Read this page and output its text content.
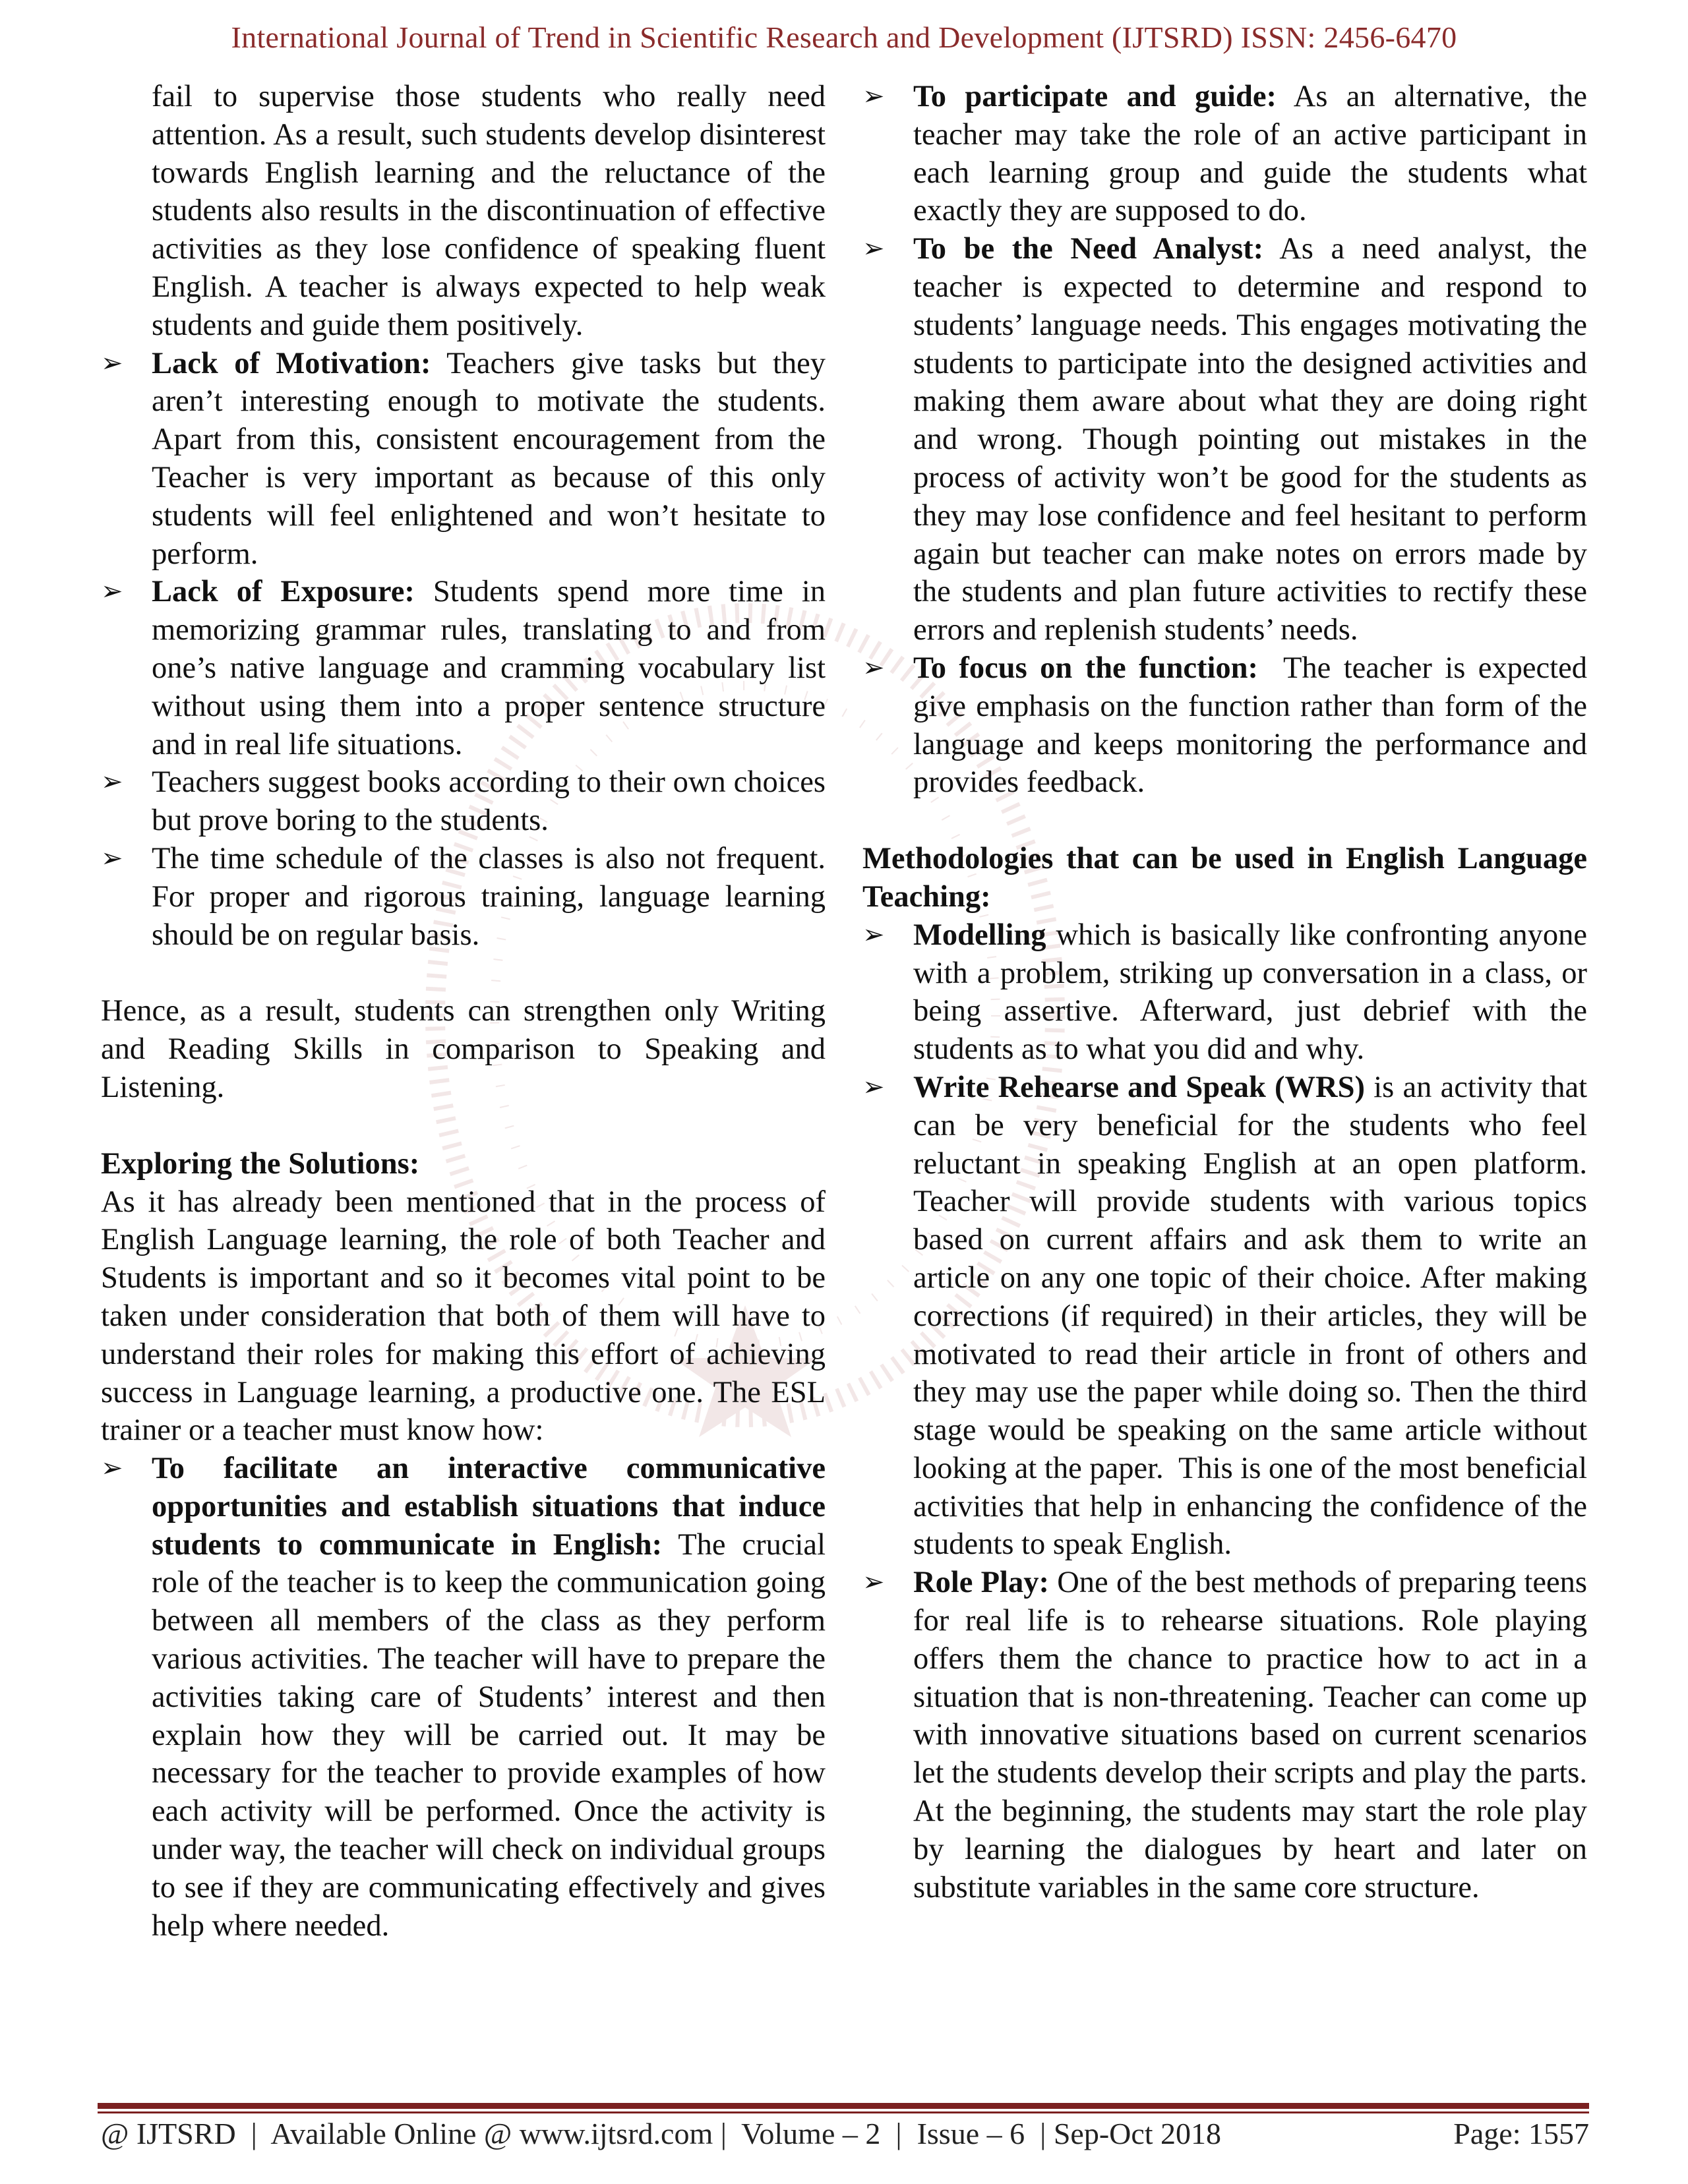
International Journal of Trend in Scientific Research and Development (IJTSRD) ISSN: 2456-6470

fail to supervise those students who really need attention. As a result, such students develop disinterest towards English learning and the reluctance of the students also results in the discontinuation of effective activities as they lose confidence of speaking fluent English. A teacher is always expected to help weak students and guide them positively.

➢ Lack of Motivation: Teachers give tasks but they aren’t interesting enough to motivate the students. Apart from this, consistent encouragement from the Teacher is very important as because of this only students will feel enlightened and won’t hesitate to perform.
➢ Lack of Exposure: Students spend more time in memorizing grammar rules, translating to and from one’s native language and cramming vocabulary list without using them into a proper sentence structure and in real life situations.
➢ Teachers suggest books according to their own choices but prove boring to the students.
➢ The time schedule of the classes is also not frequent. For proper and rigorous training, language learning should be on regular basis.

Hence, as a result, students can strengthen only Writing and Reading Skills in comparison to Speaking and Listening.

Exploring the Solutions:

As it has already been mentioned that in the process of English Language learning, the role of both Teacher and Students is important and so it becomes vital point to be taken under consideration that both of them will have to understand their roles for making this effort of achieving success in Language learning, a productive one. The ESL trainer or a teacher must know how:

➢ To facilitate an interactive communicative opportunities and establish situations that induce students to communicate in English: The crucial role of the teacher is to keep the communication going between all members of the class as they perform various activities. The teacher will have to prepare the activities taking care of Students’ interest and then explain how they will be carried out. It may be necessary for the teacher to provide examples of how each activity will be performed. Once the activity is under way, the teacher will check on individual groups to see if they are communicating effectively and gives help where needed.
➢ To participate and guide: As an alternative, the teacher may take the role of an active participant in each learning group and guide the students what exactly they are supposed to do.
➢ To be the Need Analyst: As a need analyst, the teacher is expected to determine and respond to students’ language needs. This engages motivating the students to participate into the designed activities and making them aware about what they are doing right and wrong. Though pointing out mistakes in the process of activity won’t be good for the students as they may lose confidence and feel hesitant to perform again but teacher can make notes on errors made by the students and plan future activities to rectify these errors and replenish students’ needs.
➢ To focus on the function:  The teacher is expected give emphasis on the function rather than form of the language and keeps monitoring the performance and provides feedback.

Methodologies that can be used in English Language Teaching:

➢ Modelling which is basically like confronting anyone with a problem, striking up conversation in a class, or being assertive. Afterward, just debrief with the students as to what you did and why.
➢ Write Rehearse and Speak (WRS) is an activity that can be very beneficial for the students who feel reluctant in speaking English at an open platform. Teacher will provide students with various topics based on current affairs and ask them to write an article on any one topic of their choice. After making corrections (if required) in their articles, they will be motivated to read their article in front of others and they may use the paper while doing so. Then the third stage would be speaking on the same article without looking at the paper.  This is one of the most beneficial activities that help in enhancing the confidence of the students to speak English.
➢ Role Play: One of the best methods of preparing teens for real life is to rehearse situations. Role playing offers them the chance to practice how to act in a situation that is non-threatening. Teacher can come up with innovative situations based on current scenarios let the students develop their scripts and play the parts. At the beginning, the students may start the role play by learning the dialogues by heart and later on substitute variables in the same core structure.
@ IJTSRD  |  Available Online @ www.ijtsrd.com |  Volume – 2  |  Issue – 6  | Sep-Oct 2018	Page: 1557
